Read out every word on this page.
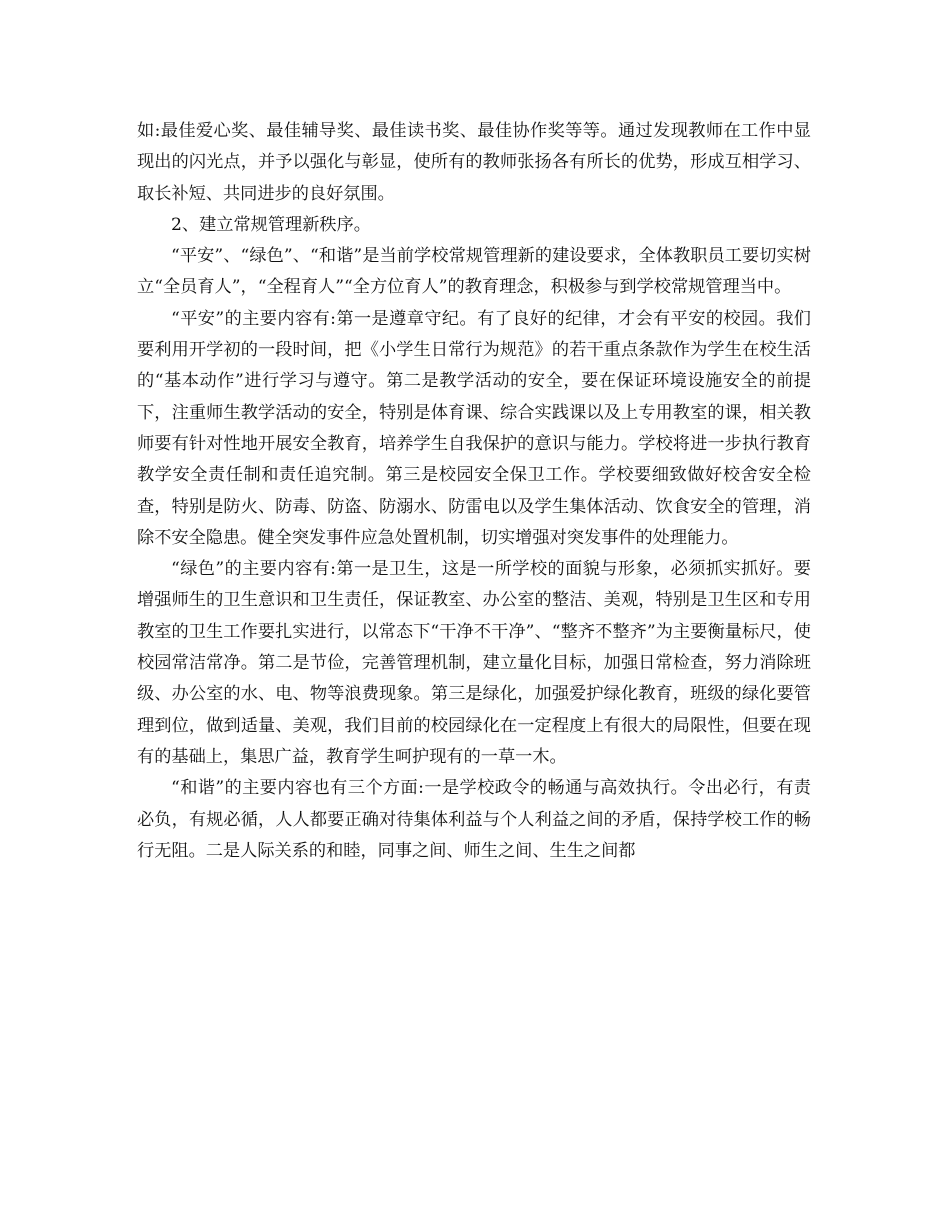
如:最佳爱心奖、最佳辅导奖、最佳读书奖、最佳协作奖等等。通过发现教师在工作中显现出的闪光点，并予以强化与彰显，使所有的教师张扬各有所长的优势，形成互相学习、取长补短、共同进步的良好氛围。

2、建立常规管理新秩序。

“平安”、“绿色”、“和谐”是当前学校常规管理新的建设要求，全体教职员工要切实树立“全员育人”，“全程育人”“全方位育人”的教育理念，积极参与到学校常规管理当中。

“平安”的主要内容有:第一是遵章守纪。有了良好的纪律，才会有平安的校园。我们要利用开学初的一段时间，把《小学生日常行为规范》的若干重点条款作为学生在校生活的“基本动作”进行学习与遵守。第二是教学活动的安全，要在保证环境设施安全的前提下，注重师生教学活动的安全，特别是体育课、综合实践课以及上专用教室的课，相关教师要有针对性地开展安全教育，培养学生自我保护的意识与能力。学校将进一步执行教育教学安全责任制和责任追究制。第三是校园安全保卫工作。学校要细致做好校舍安全检查，特别是防火、防毒、防盗、防溺水、防雷电以及学生集体活动、饮食安全的管理，消除不安全隐患。健全突发事件应急处置机制，切实增强对突发事件的处理能力。

“绿色”的主要内容有:第一是卫生，这是一所学校的面貌与形象，必须抓实抓好。要增强师生的卫生意识和卫生责任，保证教室、办公室的整洁、美观，特别是卫生区和专用教室的卫生工作要扎实进行，以常态下“干净不干净”、“整齐不整齐”为主要衡量标尺，使校园常洁常净。第二是节俭，完善管理机制，建立量化目标，加强日常检查，努力消除班级、办公室的水、电、物等浪费现象。第三是绿化，加强爱护绿化教育，班级的绿化要管理到位，做到适量、美观，我们目前的校园绿化在一定程度上有很大的局限性，但要在现有的基础上，集思广益，教育学生呵护现有的一草一木。

“和谐”的主要内容也有三个方面:一是学校政令的畅通与高效执行。令出必行，有责必负，有规必循，人人都要正确对待集体利益与个人利益之间的矛盾，保持学校工作的畅行无阻。二是人际关系的和睦，同事之间、师生之间、生生之间都
